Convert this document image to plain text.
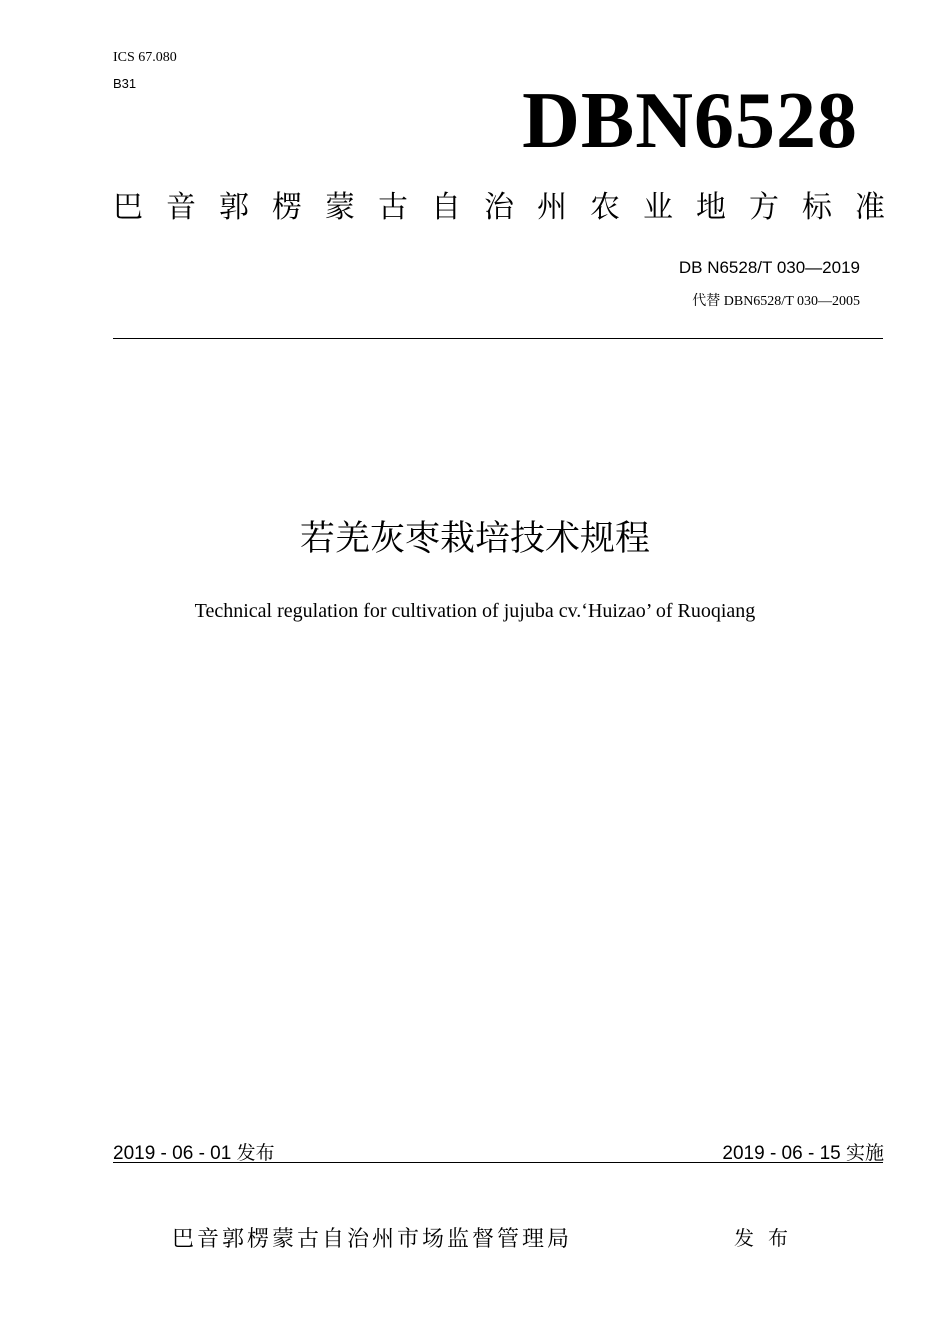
ICS 67.080
B31	DBN6528
巴 音 郭 楞 蒙 古 自 治 州 农 业 地 方 标 准
DB N6528/T 030—2019
代替 DBN6528/T 030—2005
若羌灰枣栽培技术规程
Technical regulation for cultivation of jujuba cv.‘Huizao’ of Ruoqiang
2019 - 06 - 01 发布	2019 - 06 - 15 实施
巴音郭楞蒙古自治州市场监督管理局	发布
